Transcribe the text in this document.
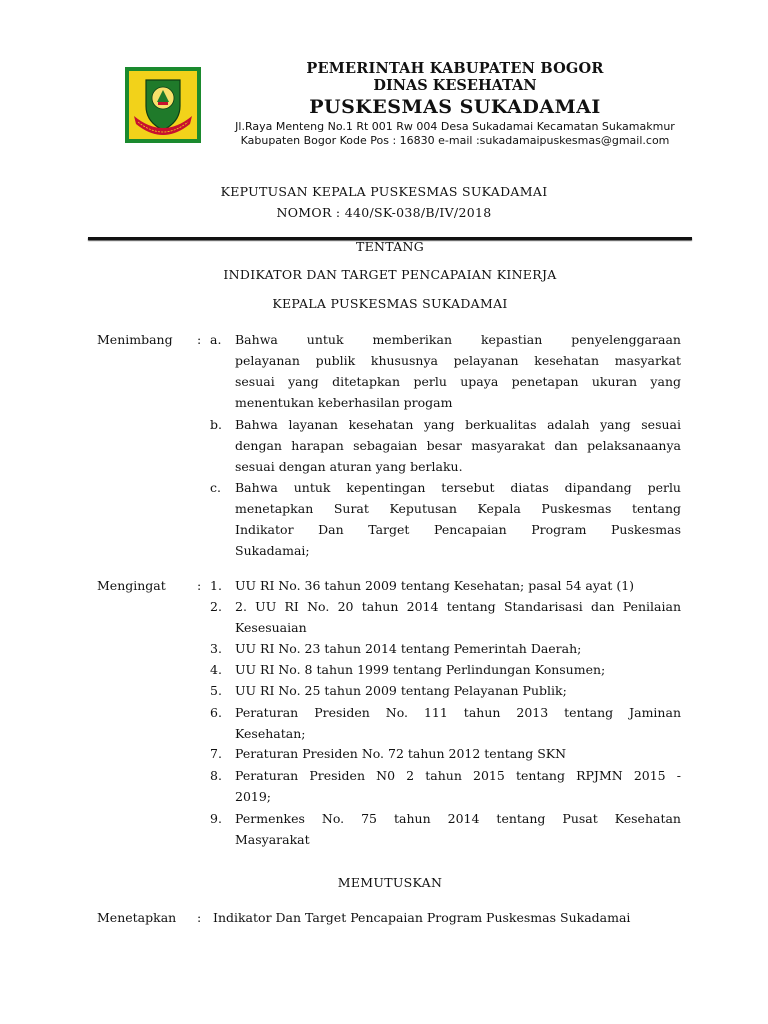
PEMERINTAH KABUPATEN BOGOR
DINAS KESEHATAN
PUSKESMAS SUKADAMAI
Jl.Raya Menteng No.1 Rt 001 Rw 004 Desa Sukadamai Kecamatan Sukamakmur
Kabupaten Bogor Kode Pos : 16830 e-mail :sukadamaipuskesmas@gmail.com
KEPUTUSAN KEPALA PUSKESMAS SUKADAMAI
NOMOR : 440/SK-038/B/IV/2018
TENTANG
INDIKATOR DAN TARGET PENCAPAIAN KINERJA
KEPALA PUSKESMAS SUKADAMAI
Menimbang : a.	Bahwa untuk memberikan kepastian penyelenggaraan
pelayanan publik khususnya pelayanan kesehatan masyarkat
sesuai yang ditetapkan perlu upaya penetapan ukuran yang
menentukan keberhasilan progam
b.	Bahwa layanan kesehatan yang berkualitas adalah yang sesuai
dengan harapan sebagaian besar masyarakat dan pelaksanaanya
sesuai dengan aturan yang berlaku.
c.	Bahwa untuk kepentingan tersebut diatas dipandang perlu
menetapkan Surat Keputusan Kepala Puskesmas tentang
Indikator Dan Target Pencapaian Program Puskesmas
Sukadamai;
Mengingat : 1.	UU RI No. 36 tahun 2009 tentang Kesehatan; pasal 54 ayat (1)
2.	2. UU RI No. 20 tahun 2014 tentang Standarisasi dan Penilaian
Kesesuaian
3.	UU RI No. 23 tahun 2014 tentang Pemerintah Daerah;
4.	UU RI No. 8 tahun 1999 tentang Perlindungan Konsumen;
5.	UU RI No. 25 tahun 2009 tentang Pelayanan Publik;
6.	Peraturan Presiden No. 111 tahun 2013 tentang Jaminan
Kesehatan;
7.	Peraturan Presiden No. 72 tahun 2012 tentang SKN
8.	Peraturan Presiden N0 2 tahun 2015 tentang RPJMN 2015 -
2019;
9.	Permenkes No. 75 tahun 2014 tentang Pusat Kesehatan
Masyarakat
MEMUTUSKAN
Menetapkan : Indikator Dan Target Pencapaian Program Puskesmas Sukadamai
